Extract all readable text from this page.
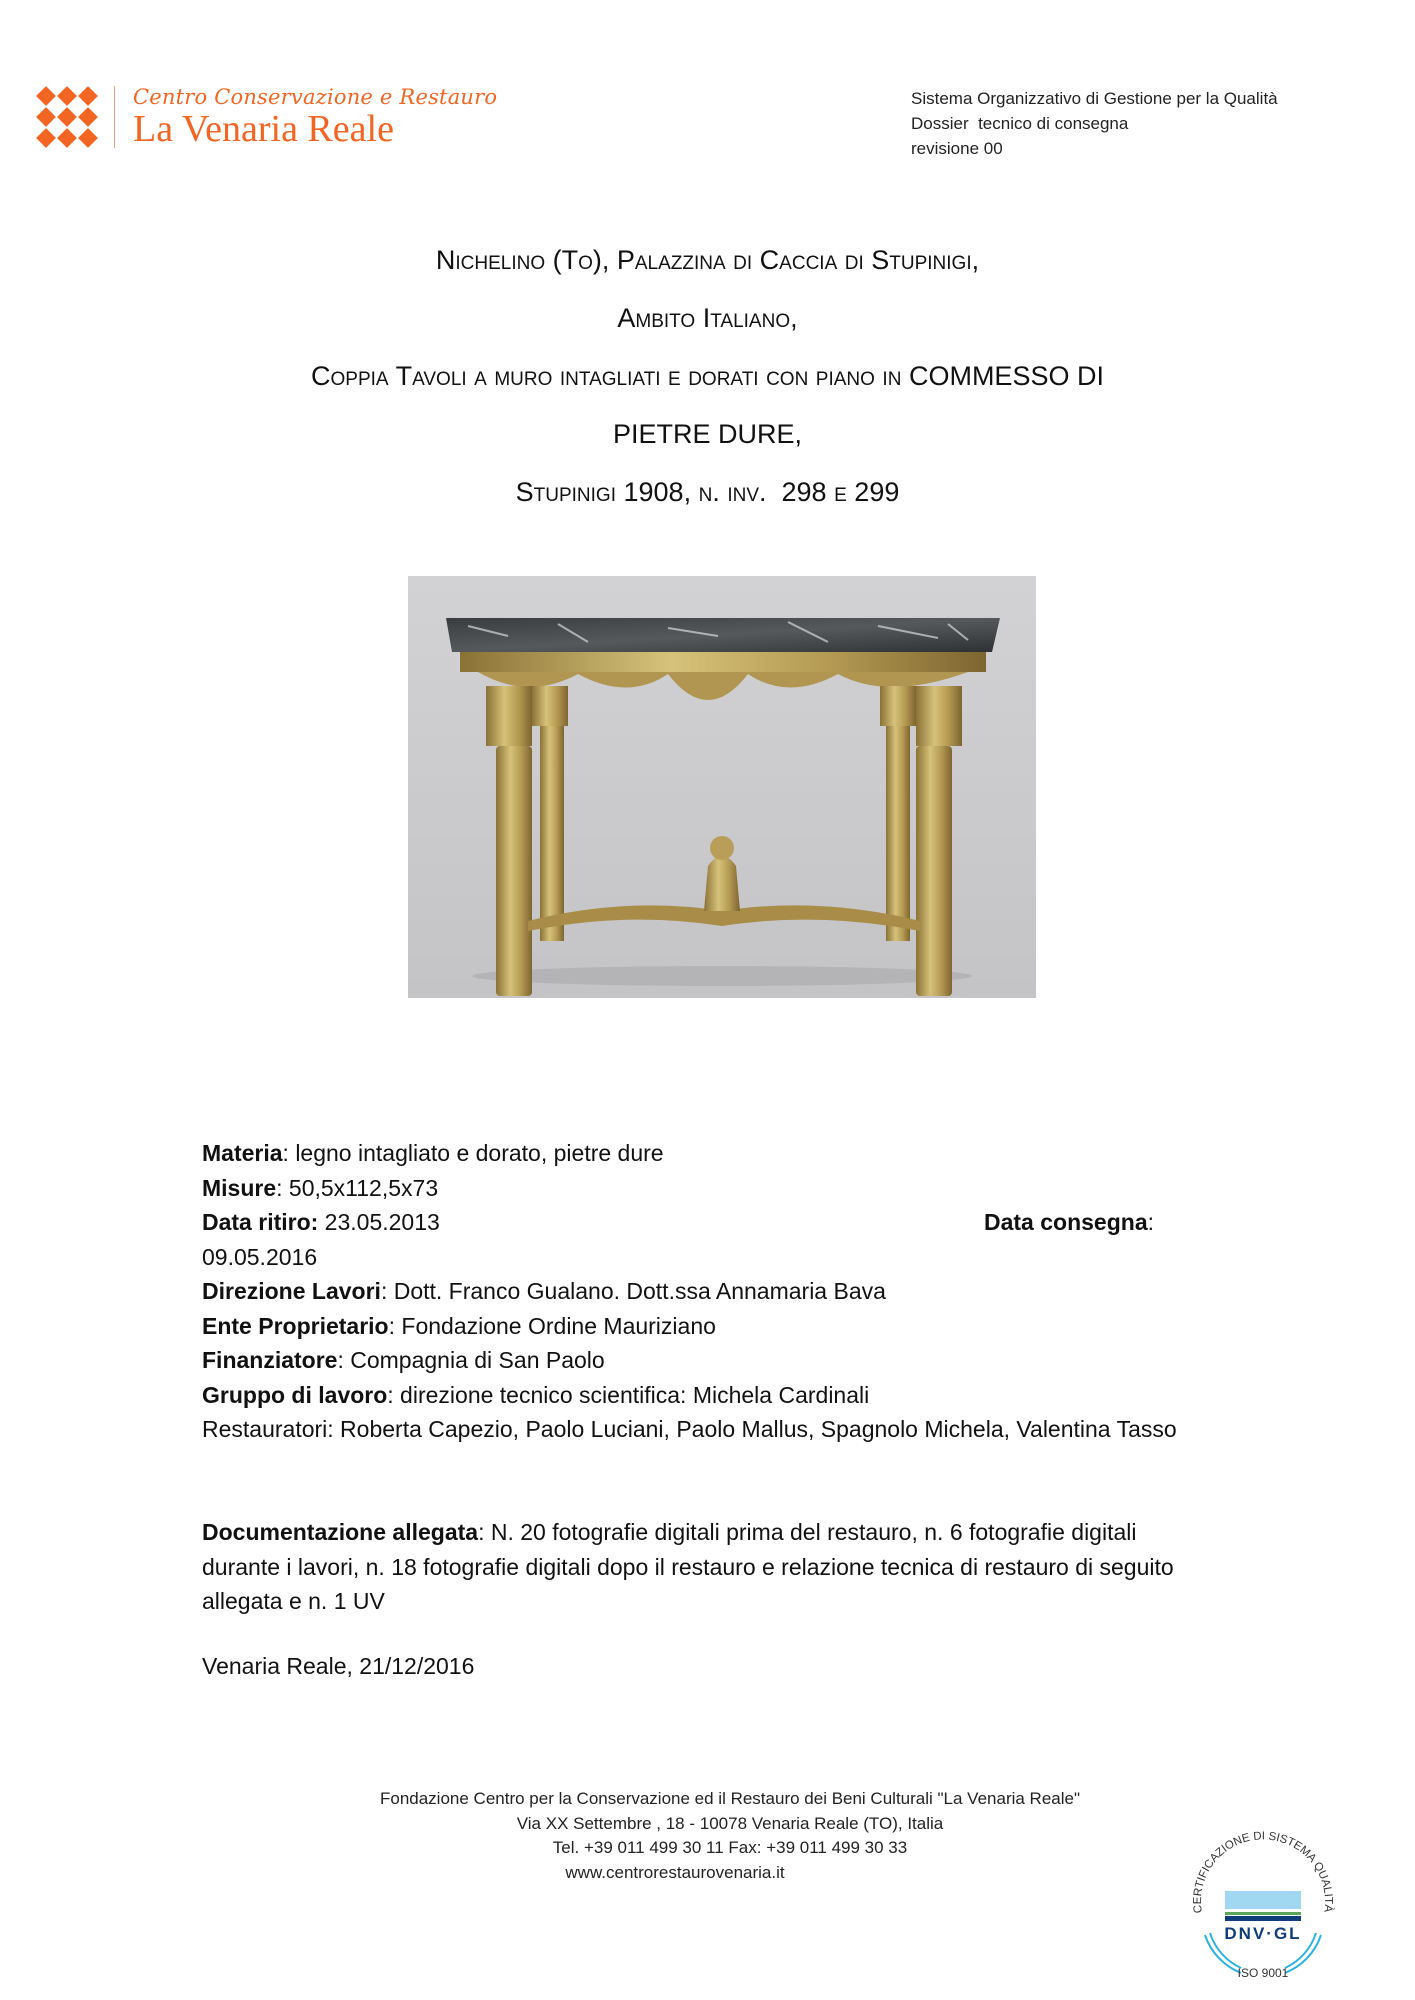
Centro Conservazione e Restauro
La Venaria Reale
Sistema Organizzativo di Gestione per la Qualità
Dossier  tecnico di consegna
revisione 00
Nichelino (To), Palazzina di Caccia di Stupinigi,
Ambito Italiano,
Coppia Tavoli a muro intagliati e dorati con piano in COMMESSO DI
PIETRE DURE,
Stupinigi 1908, n. inv. 298 e 299
Materia: legno intagliato e dorato, pietre dure
Misure: 50,5x112,5x73
Data ritiro: 23.05.2013	Data consegna:
09.05.2016
Direzione Lavori: Dott. Franco Gualano. Dott.ssa Annamaria Bava
Ente Proprietario: Fondazione Ordine Mauriziano
Finanziatore: Compagnia di San Paolo
Gruppo di lavoro: direzione tecnico scientifica: Michela Cardinali
Restauratori: Roberta Capezio, Paolo Luciani, Paolo Mallus, Spagnolo Michela, Valentina Tasso
Documentazione allegata: N. 20 fotografie digitali prima del restauro, n. 6 fotografie digitali durante i lavori, n. 18 fotografie digitali dopo il restauro e relazione tecnica di restauro di seguito allegata e n. 1 UV
Venaria Reale, 21/12/2016
Fondazione Centro per la Conservazione ed il Restauro dei Beni Culturali "La Venaria Reale"
Via XX Settembre , 18 - 10078 Venaria Reale (TO), Italia
Tel. +39 011 499 30 11 Fax: +39 011 499 30 33
www.centrorestaurovenaria.it
CERTIFICAZIONE DI SISTEMA QUALITÀ
DNV·GL
ISO 9001
